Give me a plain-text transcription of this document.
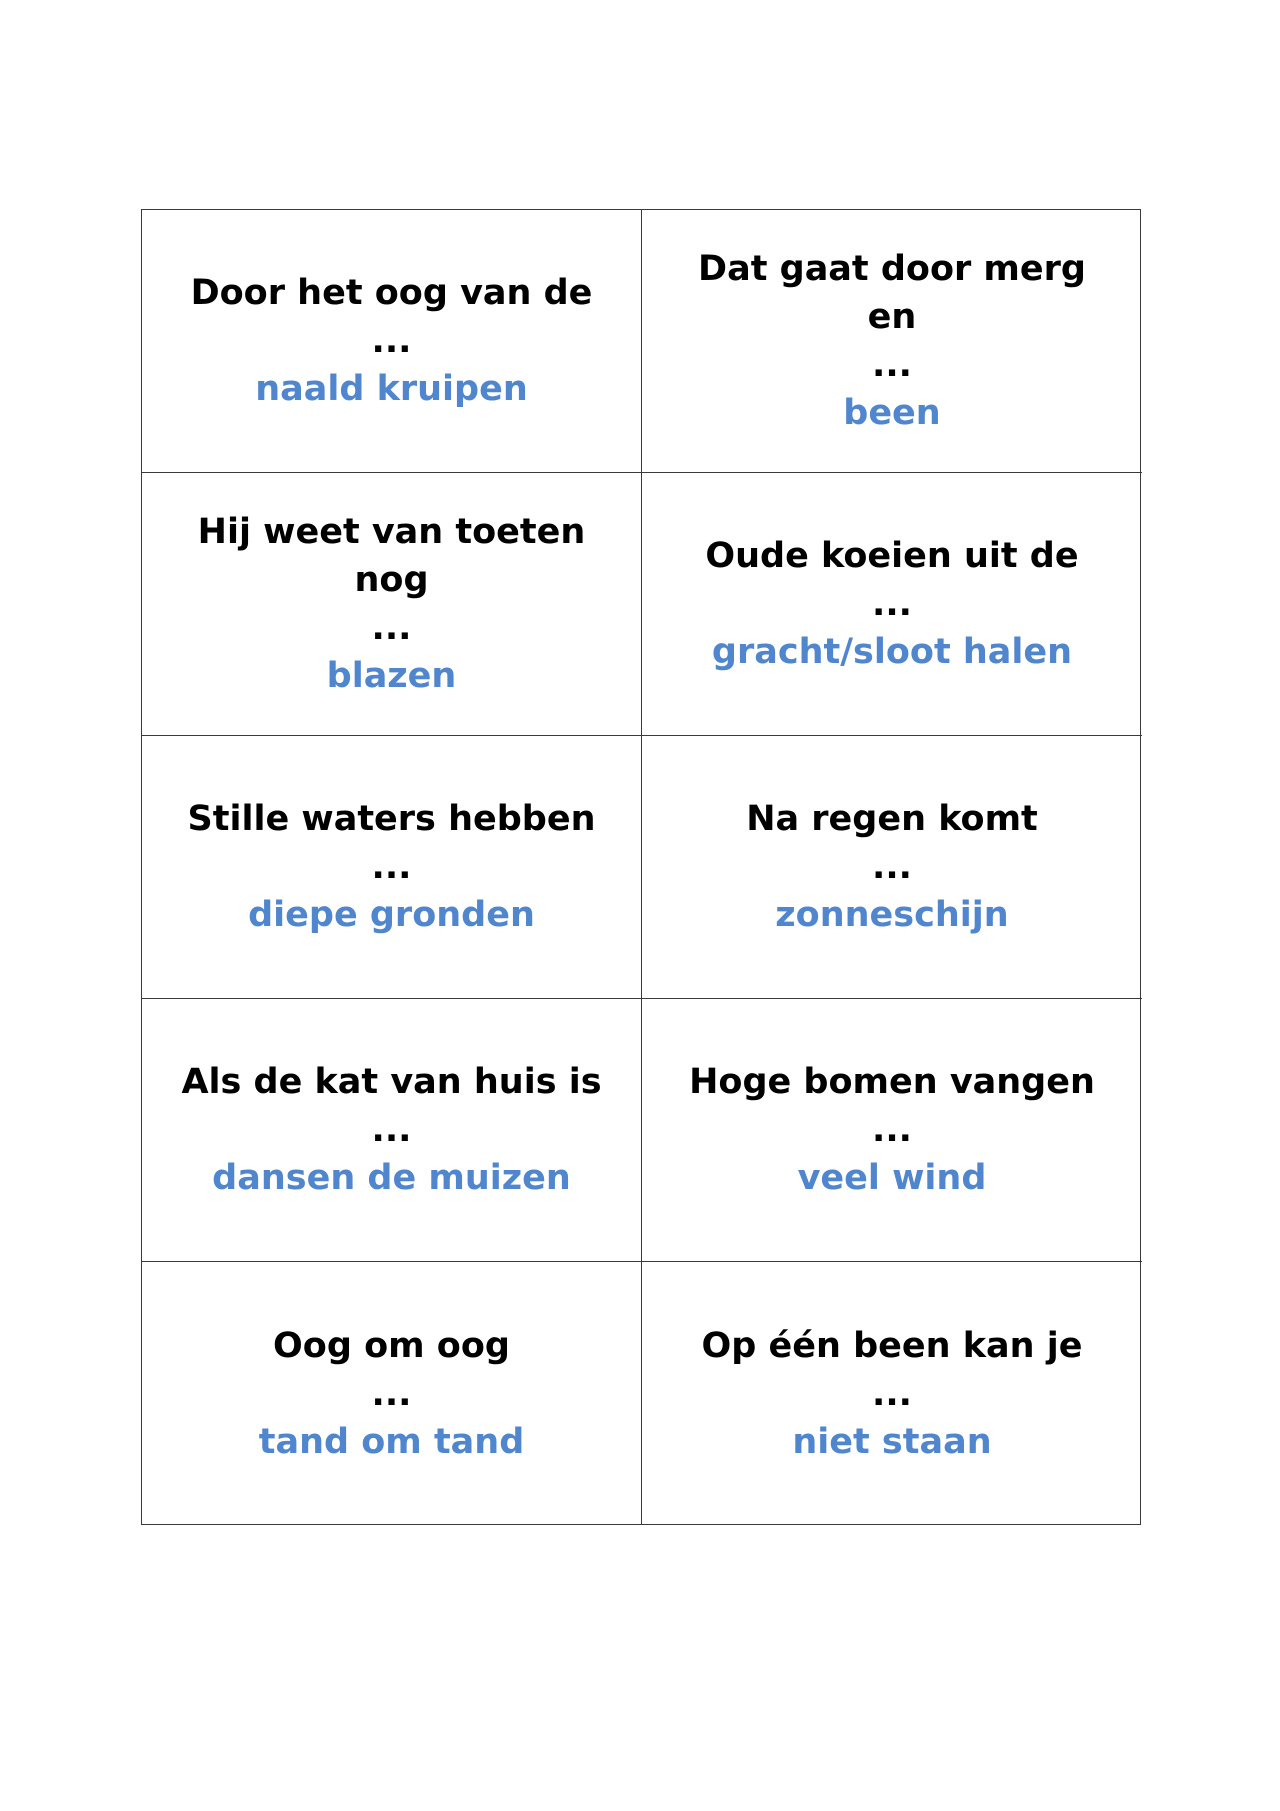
Door het oog van de
...
naald kruipen
Dat gaat door merg en
...
been
Hij weet van toeten nog
...
blazen
Oude koeien uit de
...
gracht/sloot halen
Stille waters hebben
...
diepe gronden
Na regen komt
...
zonneschijn
Als de kat van huis is
...
dansen de muizen
Hoge bomen vangen
...
veel wind
Oog om oog
...
tand om tand
Op één been kan je
...
niet staan
